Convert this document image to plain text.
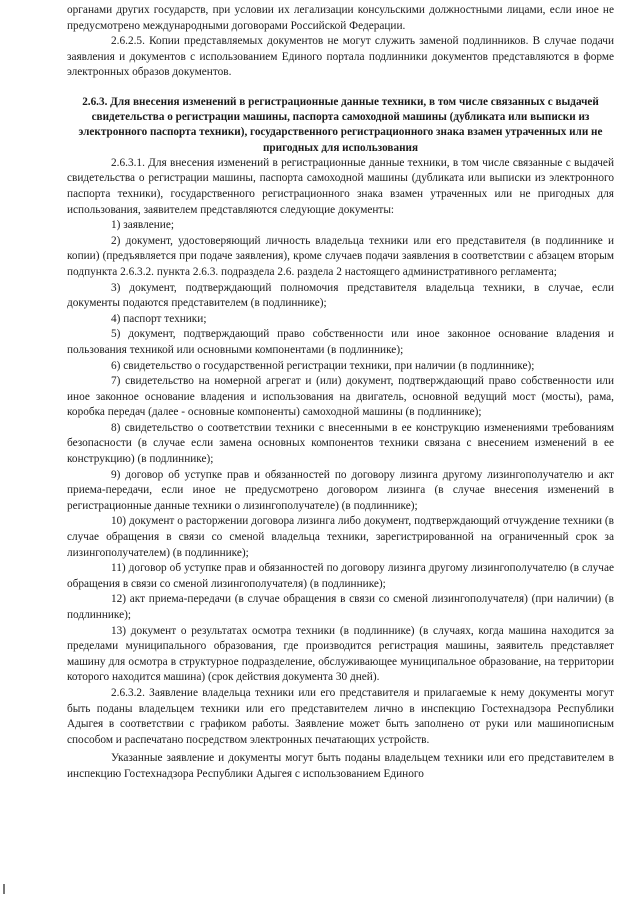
органами других государств, при условии их легализации консульскими должностными лицами, если иное не предусмотрено международными договорами Российской Федерации.

2.6.2.5. Копии представляемых документов не могут служить заменой подлинников. В случае подачи заявления и документов с использованием Единого портала подлинники документов представляются в форме электронных образов документов.

2.6.3. Для внесения изменений в регистрационные данные техники, в том числе связанных с выдачей свидетельства о регистрации машины, паспорта самоходной машины (дубликата или выписки из электронного паспорта техники), государственного регистрационного знака взамен утраченных или не пригодных для использования

2.6.3.1. Для внесения изменений в регистрационные данные техники, в том числе связанные с выдачей свидетельства о регистрации машины, паспорта самоходной машины (дубликата или выписки из электронного паспорта техники), государственного регистрационного знака взамен утраченных или не пригодных для использования, заявителем представляются следующие документы:

1) заявление;

2) документ, удостоверяющий личность владельца техники или его представителя (в подлиннике и копии) (предъявляется при подаче заявления), кроме случаев подачи заявления в соответствии с абзацем вторым подпункта 2.6.3.2. пункта 2.6.3. подраздела 2.6. раздела 2 настоящего административного регламента;

3) документ, подтверждающий полномочия представителя владельца техники, в случае, если документы подаются представителем (в подлиннике);

4) паспорт техники;

5) документ, подтверждающий право собственности или иное законное основание владения и пользования техникой или основными компонентами (в подлиннике);

6) свидетельство о государственной регистрации техники, при наличии (в подлиннике);

7) свидетельство на номерной агрегат и (или) документ, подтверждающий право собственности или иное законное основание владения и использования на двигатель, основной ведущий мост (мосты), рама, коробка передач (далее - основные компоненты) самоходной машины (в подлиннике);

8) свидетельство о соответствии техники с внесенными в ее конструкцию изменениями требованиям безопасности (в случае если замена основных компонентов техники связана с внесением изменений в ее конструкцию) (в подлиннике);

9) договор об уступке прав и обязанностей по договору лизинга другому лизингополучателю и акт приема-передачи, если иное не предусмотрено договором лизинга (в случае внесения изменений в регистрационные данные техники о лизингополучателе) (в подлиннике);

10) документ о расторжении договора лизинга либо документ, подтверждающий отчуждение техники (в случае обращения в связи со сменой владельца техники, зарегистрированной на ограниченный срок за лизингополучателем) (в подлиннике);

11) договор об уступке прав и обязанностей по договору лизинга другому лизингополучателю (в случае обращения в связи со сменой лизингополучателя) (в подлиннике);

12) акт приема-передачи (в случае обращения в связи со сменой лизингополучателя) (при наличии) (в подлиннике);

13) документ о результатах осмотра техники (в подлиннике) (в случаях, когда машина находится за пределами муниципального образования, где производится регистрация машины, заявитель представляет машину для осмотра в структурное подразделение, обслуживающее муниципальное образование, на территории которого находится машина) (срок действия документа 30 дней).

2.6.3.2. Заявление владельца техники или его представителя и прилагаемые к нему документы могут быть поданы владельцем техники или его представителем лично в инспекцию Гостехнадзора Республики Адыгея в соответствии с графиком работы. Заявление может быть заполнено от руки или машинописным способом и распечатано посредством электронных печатающих устройств.

Указанные заявление и документы могут быть поданы владельцем техники или его представителем в инспекцию Гостехнадзора Республики Адыгея с использованием Единого
